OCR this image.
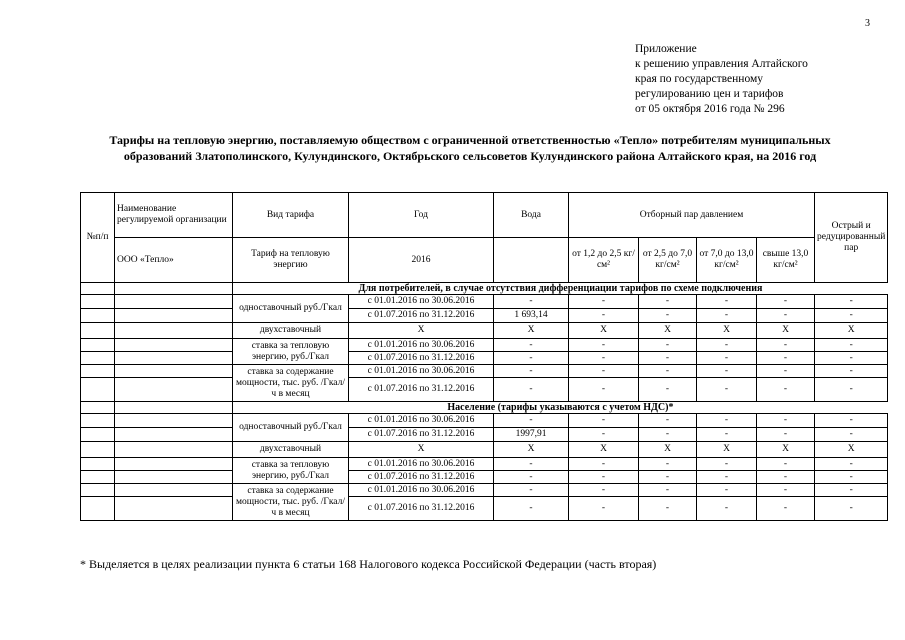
3
Приложение
к решению управления Алтайского
края по государственному
регулированию цен и тарифов
от 05 октября 2016 года № 296
Тарифы на тепловую энергию, поставляемую обществом с ограниченной ответственностью «Тепло» потребителям муниципальных
образований Златополинского, Кулундинского, Октябрьского сельсоветов Кулундинского района Алтайского края, на 2016 год
№п/п	Наименование регулируемой организации	Вид тарифа	Год	Вода	Отборный пар давлением				Острый и редуцированный пар
	ООО «Тепло»	Тариф на тепловую энергию	2016		от 1,2 до 2,5 кг/см²	от 2,5 до 7,0 кг/см²	от 7,0 до 13,0 кг/см²	свыше 13,0 кг/см²	
		Для потребителей, в случае отсутствия дифференциации тарифов по схеме подключения							
		одноставочный руб./Гкал	с 01.01.2016 по 30.06.2016	-	-	-	-	-	-
			с 01.07.2016 по 31.12.2016	1 693,14	-	-	-	-	-
		двухставочный	X	X	X	X	X	X	X
		ставка за тепловую энергию, руб./Гкал	с 01.01.2016 по 30.06.2016	-	-	-	-	-	-
			с 01.07.2016 по 31.12.2016	-	-	-	-	-	-
		ставка за содержание мощности, тыс. руб. /Гкал/ч в месяц	с 01.01.2016 по 30.06.2016	-	-	-	-	-	-
			с 01.07.2016 по 31.12.2016	-	-	-	-	-	-
		Население (тарифы указываются с учетом НДС)*							
		одноставочный руб./Гкал	с 01.01.2016 по 30.06.2016	-	-	-	-	-	-
			с 01.07.2016 по 31.12.2016	1997,91	-	-	-	-	-
		двухставочный	X	X	X	X	X	X	X
		ставка за тепловую энергию, руб./Гкал	с 01.01.2016 по 30.06.2016	-	-	-	-	-	-
			с 01.07.2016 по 31.12.2016	-	-	-	-	-	-
		ставка за содержание мощности, тыс. руб. /Гкал/ч в месяц	с 01.01.2016 по 30.06.2016	-	-	-	-	-	-
			с 01.07.2016 по 31.12.2016	-	-	-	-	-	-
* Выделяется в целях реализации пункта 6 статьи 168 Налогового кодекса Российской Федерации (часть вторая)
